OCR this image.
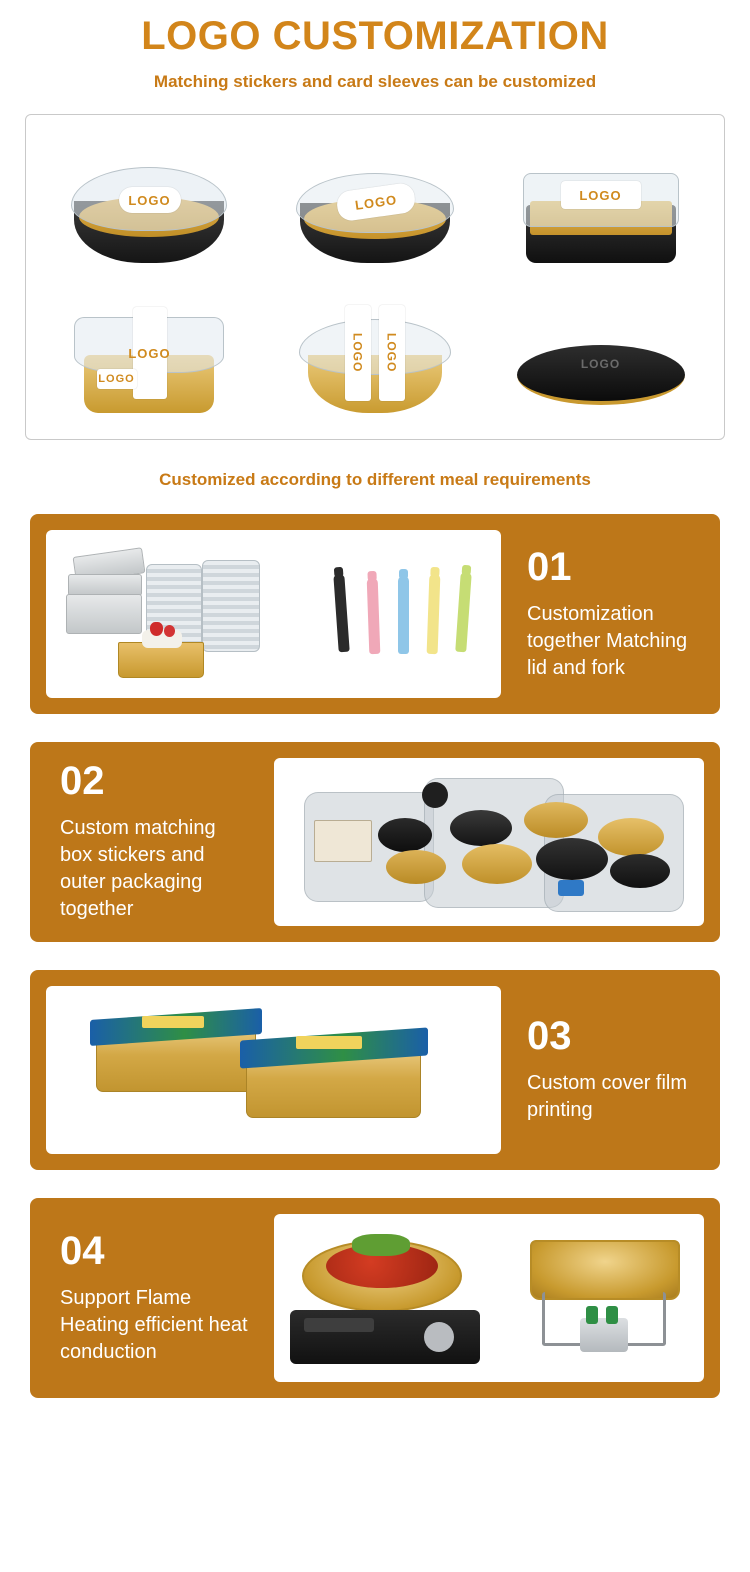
LOGO CUSTOMIZATION
Matching stickers and card sleeves can be customized
LOGO	LOGO	LOGO
LOGO
LOGO
LOGO	LOGO	LOGO
Customized according to different meal requirements
01
Customization together Matching lid and fork
02
Custom matching box stickers and outer packaging together
03
Custom cover film printing
04
Support Flame Heating efficient heat conduction
